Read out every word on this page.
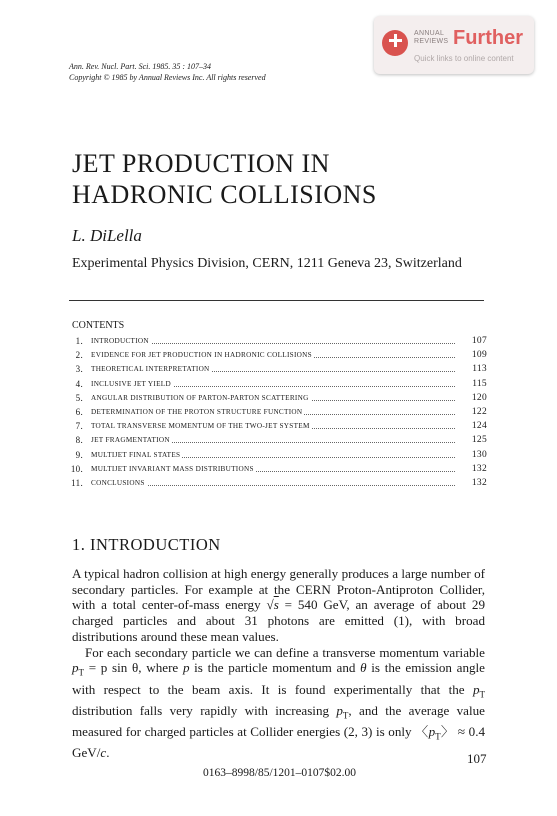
ANNUAL
REVIEWS Further
Quick links to online content
Ann. Rev. Nucl. Part. Sci. 1985. 35 : 107–34
Copyright © 1985 by Annual Reviews Inc. All rights reserved
JET PRODUCTION IN
HADRONIC COLLISIONS
L. DiLella
Experimental Physics Division, CERN, 1211 Geneva 23, Switzerland
CONTENTS
1. INTRODUCTION	107
2. EVIDENCE FOR JET PRODUCTION IN HADRONIC COLLISIONS	109
3. THEORETICAL INTERPRETATION	113
4. INCLUSIVE JET YIELD	115
5. ANGULAR DISTRIBUTION OF PARTON-PARTON SCATTERING	120
6. DETERMINATION OF THE PROTON STRUCTURE FUNCTION	122
7. TOTAL TRANSVERSE MOMENTUM OF THE TWO-JET SYSTEM	124
8. JET FRAGMENTATION	125
9. MULTIJET FINAL STATES	130
10. MULTIJET INVARIANT MASS DISTRIBUTIONS	132
11. CONCLUSIONS	132
1. INTRODUCTION

A typical hadron collision at high energy generally produces a large number of secondary particles. For example at the CERN Proton-Antiproton Collider, with a total center-of-mass energy √s = 540 GeV, an average of about 29 charged particles and about 31 photons are emitted (1), with broad distributions around these mean values.

For each secondary particle we can define a transverse momentum variable $p_T = p$ sin θ, where p is the particle momentum and θ is the emission angle with respect to the beam axis. It is found experimentally that the $p_T$ distribution falls very rapidly with increasing $p_T$, and the average value measured for charged particles at Collider energies (2, 3) is only 〈$p_T$〉 ≈ 0.4 GeV/c.	107
0163–8998/85/1201–0107$02.00
